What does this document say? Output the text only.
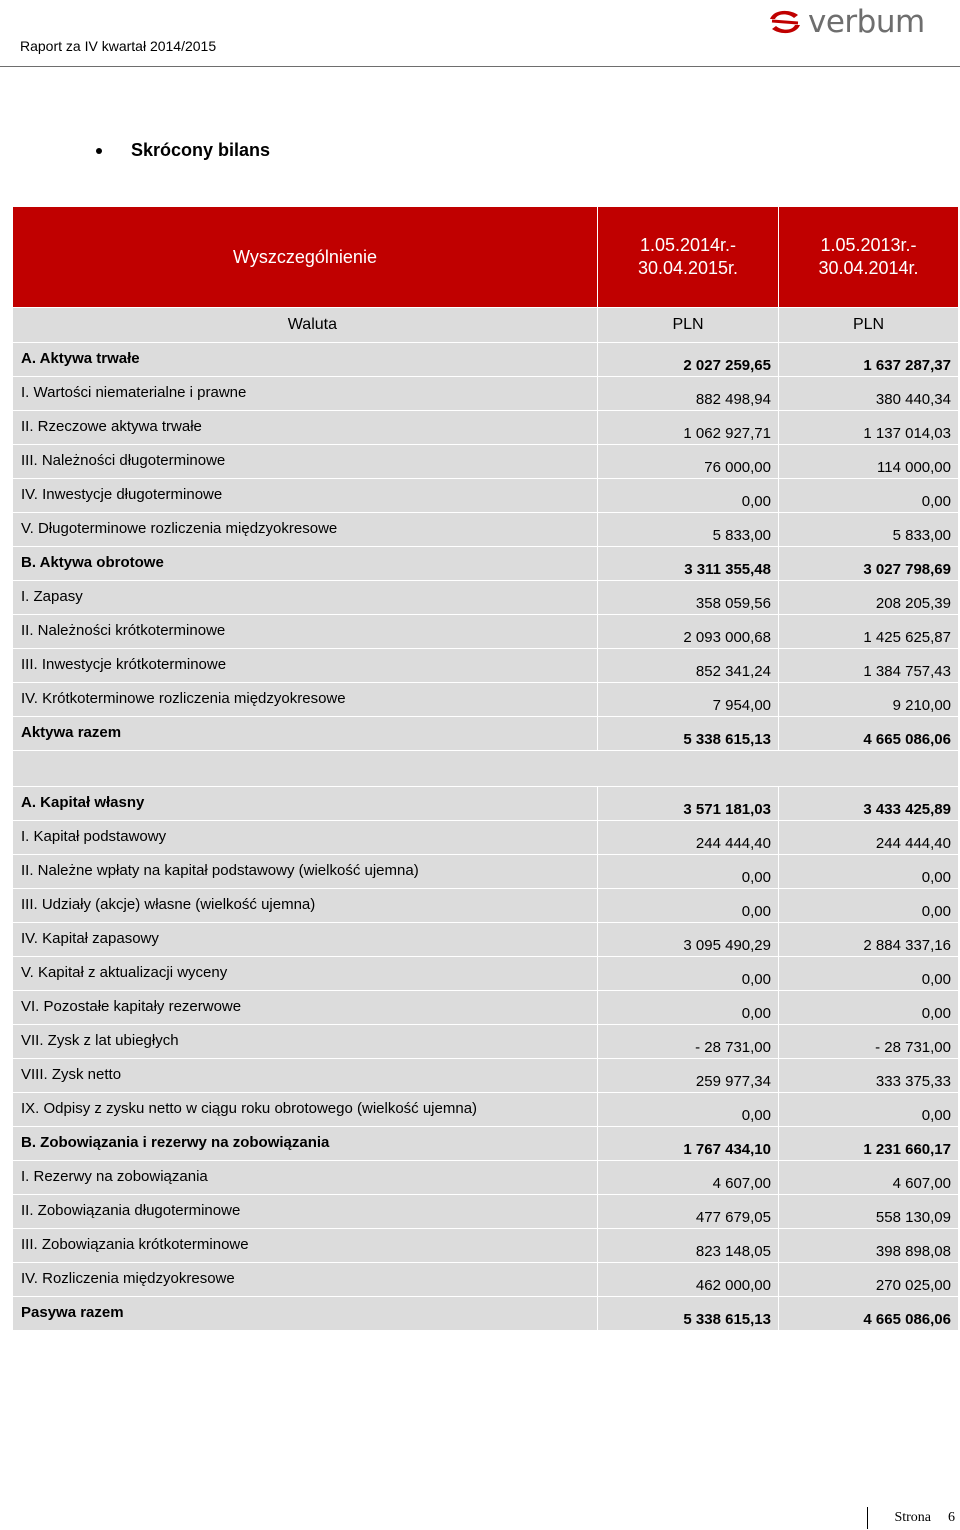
Raport za IV kwartał 2014/2015
verbum
Skrócony bilans
Wyszczególnienie	1.05.2014r.- 30.04.2015r.	1.05.2013r.- 30.04.2014r.

Waluta	PLN	PLN
A. Aktywa trwałe	2 027 259,65	1 637 287,37
I. Wartości niematerialne i prawne	882 498,94	380 440,34
II. Rzeczowe aktywa trwałe	1 062 927,71	1 137 014,03
III. Należności długoterminowe	76 000,00	114 000,00
IV. Inwestycje długoterminowe	0,00	0,00
V. Długoterminowe rozliczenia międzyokresowe	5 833,00	5 833,00
B. Aktywa obrotowe	3 311 355,48	3 027 798,69
I. Zapasy	358 059,56	208 205,39
II. Należności krótkoterminowe	2 093 000,68	1 425 625,87
III. Inwestycje krótkoterminowe	852 341,24	1 384 757,43
IV. Krótkoterminowe rozliczenia międzyokresowe	7 954,00	9 210,00
Aktywa razem	5 338 615,13	4 665 086,06

A. Kapitał własny	3 571 181,03	3 433 425,89
I. Kapitał podstawowy	244 444,40	244 444,40
II. Należne wpłaty na kapitał podstawowy (wielkość ujemna)	0,00	0,00
III. Udziały (akcje) własne (wielkość ujemna)	0,00	0,00
IV. Kapitał zapasowy	3 095 490,29	2 884 337,16
V. Kapitał z aktualizacji wyceny	0,00	0,00
VI. Pozostałe kapitały rezerwowe	0,00	0,00
VII. Zysk z lat ubiegłych	- 28 731,00	- 28 731,00
VIII. Zysk netto	259 977,34	333 375,33
IX. Odpisy z zysku netto w ciągu roku obrotowego (wielkość ujemna)	0,00	0,00
B. Zobowiązania i rezerwy na zobowiązania	1 767 434,10	1 231 660,17
I. Rezerwy na zobowiązania	4 607,00	4 607,00
II. Zobowiązania długoterminowe	477 679,05	558 130,09
III. Zobowiązania krótkoterminowe	823 148,05	398 898,08
IV. Rozliczenia międzyokresowe	462 000,00	270 025,00
Pasywa razem	5 338 615,13	4 665 086,06
Strona 6
